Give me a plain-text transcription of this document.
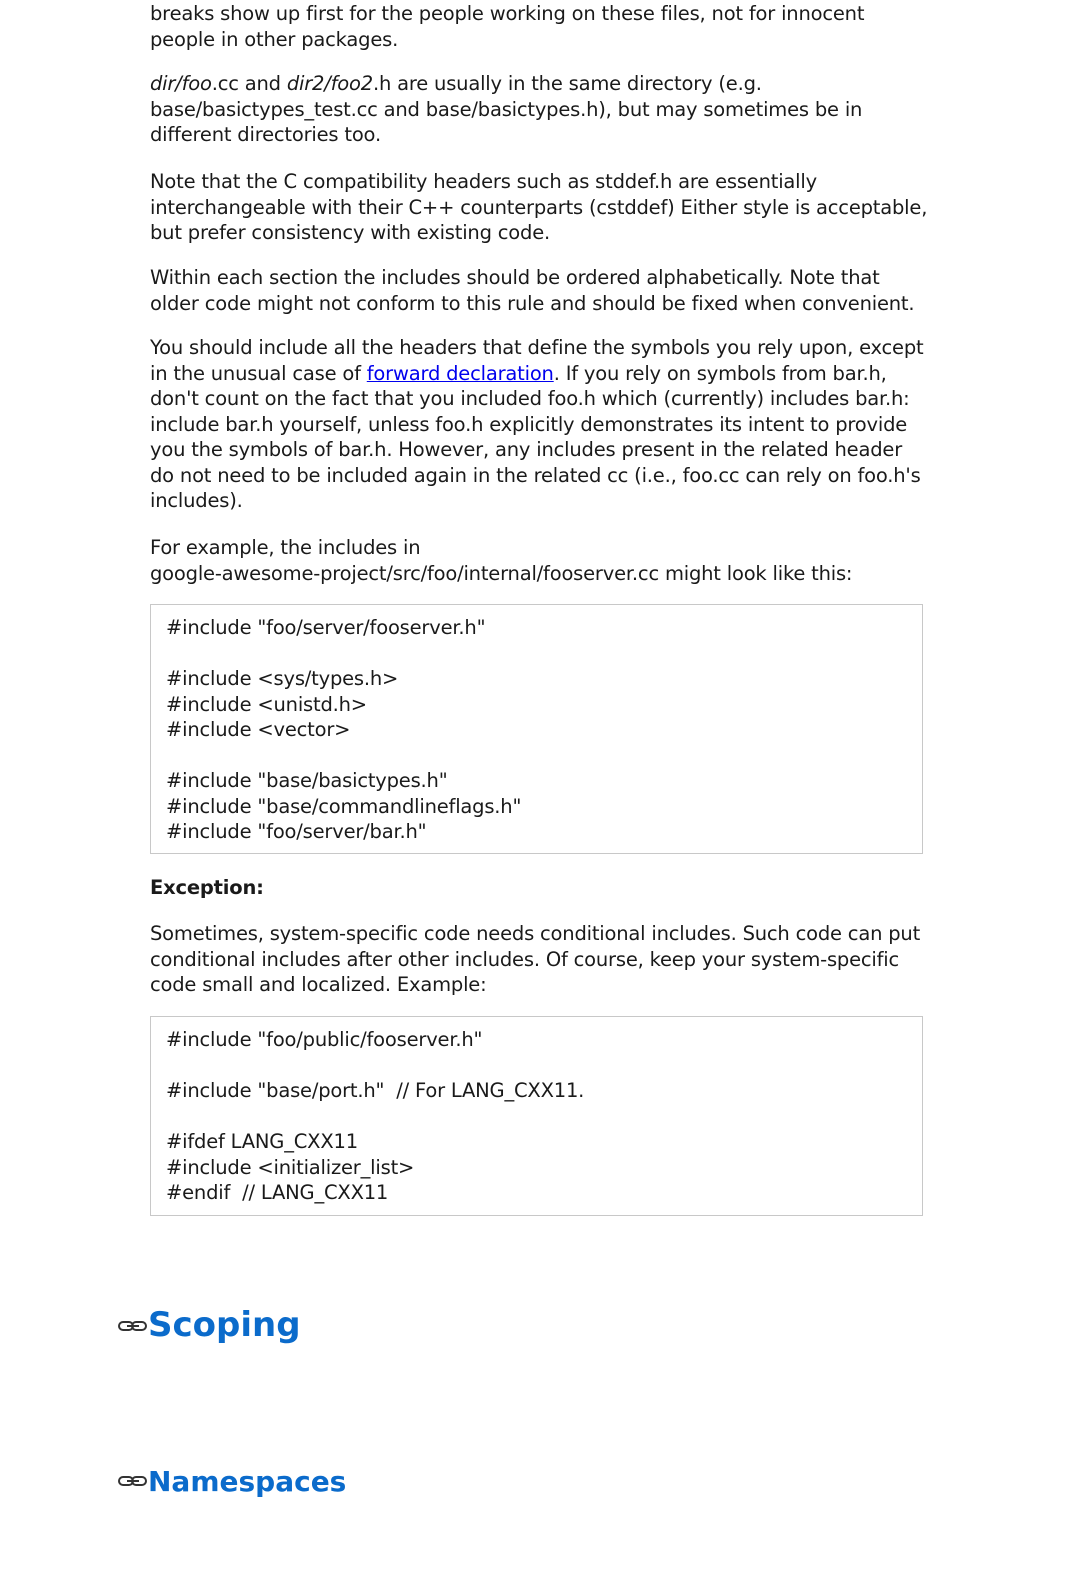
breaks show up first for the people working on these files, not for innocent people in other packages.

dir/foo.cc and dir2/foo2.h are usually in the same directory (e.g. base/basictypes_test.cc and base/basictypes.h), but may sometimes be in different directories too.

Note that the C compatibility headers such as stddef.h are essentially interchangeable with their C++ counterparts (cstddef) Either style is acceptable, but prefer consistency with existing code.

Within each section the includes should be ordered alphabetically. Note that older code might not conform to this rule and should be fixed when convenient.

You should include all the headers that define the symbols you rely upon, except in the unusual case of forward declaration. If you rely on symbols from bar.h, don't count on the fact that you included foo.h which (currently) includes bar.h: include bar.h yourself, unless foo.h explicitly demonstrates its intent to provide you the symbols of bar.h. However, any includes present in the related header do not need to be included again in the related cc (i.e., foo.cc can rely on foo.h's includes).

For example, the includes in
google-awesome-project/src/foo/internal/fooserver.cc might look like this:

#include "foo/server/fooserver.h"
#include <sys/types.h>
#include <unistd.h>
#include <vector>
#include "base/basictypes.h"
#include "base/commandlineflags.h"
#include "foo/server/bar.h"
Exception:

Sometimes, system-specific code needs conditional includes. Such code can put conditional includes after other includes. Of course, keep your system-specific code small and localized. Example:

#include "foo/public/fooserver.h"
#include "base/port.h"  // For LANG_CXX11.
#ifdef LANG_CXX11
#include <initializer_list>
#endif  // LANG_CXX11
Scoping
Namespaces
